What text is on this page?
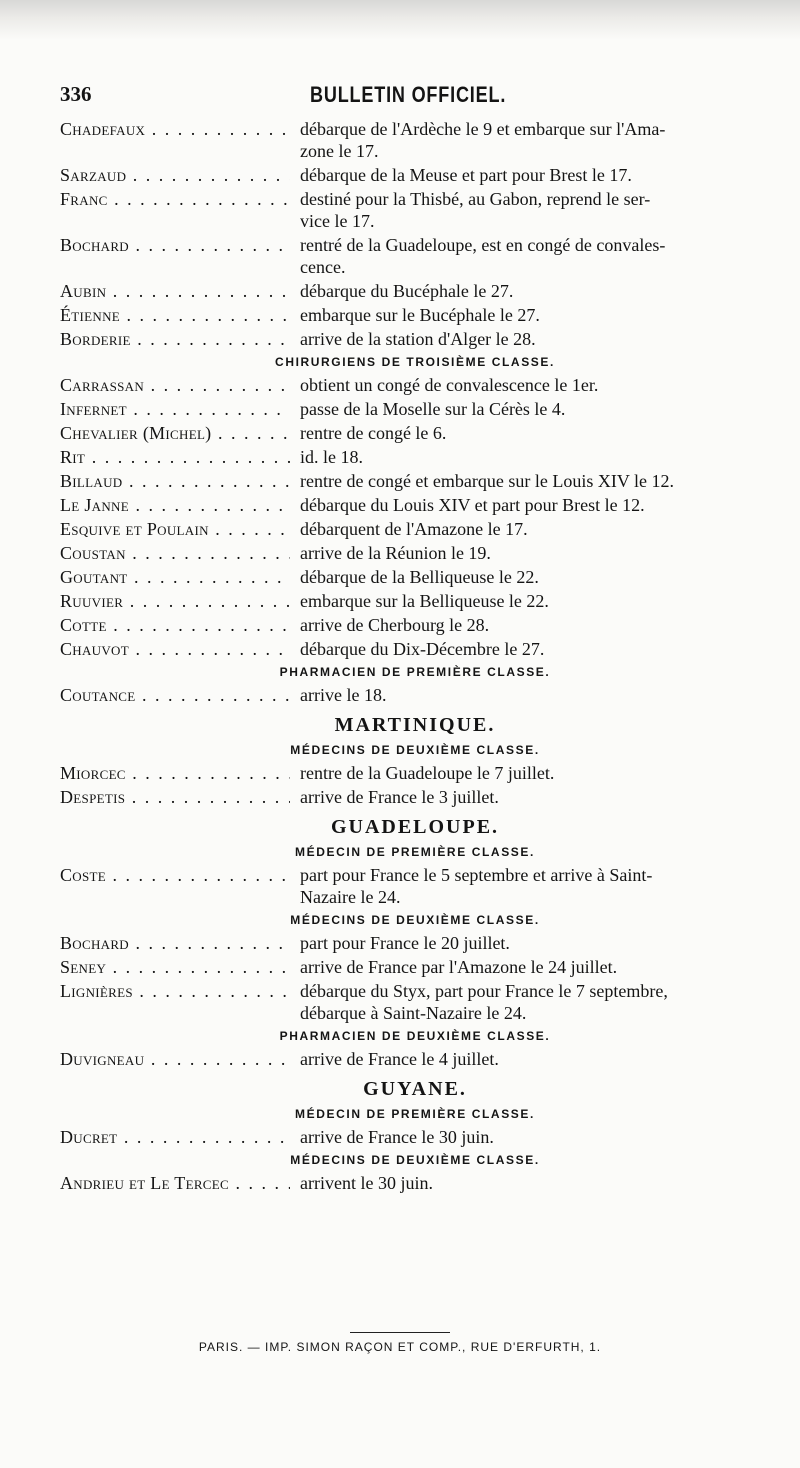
336	BULLETIN OFFICIEL.
Chadefaux . . .	débarque de l'Ardèche le 9 et embarque sur l'Ama-
zone le 17.
Sarzaud . . .	débarque de la Meuse et part pour Brest le 17.
Franc . . .	destiné pour la Thisbé, au Gabon, reprend le ser-
vice le 17.
Bochard . . .	rentré de la Guadeloupe, est en congé de convales-
cence.
Aubin . . .	débarque du Bucéphale le 27.
Étienne . . .	embarque sur le Bucéphale le 27.
Borderie . . .	arrive de la station d'Alger le 28.
CHIRURGIENS DE TROISIÈME CLASSE.
Carrassan . . .	obtient un congé de convalescence le 1er.
Infernet . . .	passe de la Moselle sur la Cérès le 4.
Chevalier (Michel) . . .	rentre de congé le 6.
Rit . . .	id. le 18.
Billaud . . .	rentre de congé et embarque sur le Louis XIV le 12.
Le Janne . . .	débarque du Louis XIV et part pour Brest le 12.
Esquive et Poulain . . .	débarquent de l'Amazone le 17.
Coustan . . .	arrive de la Réunion le 19.
Goutant . . .	débarque de la Belliqueuse le 22.
Ruuvier . . .	embarque sur la Belliqueuse le 22.
Cotte . . .	arrive de Cherbourg le 28.
Chauvot . . .	débarque du Dix-Décembre le 27.
PHARMACIEN DE PREMIÈRE CLASSE.
Coutance . . .	arrive le 18.
MARTINIQUE.
MÉDECINS DE DEUXIÈME CLASSE.
Miorcec . . .	rentre de la Guadeloupe le 7 juillet.
Despetis . . .	arrive de France le 3 juillet.
GUADELOUPE.
MÉDECIN DE PREMIÈRE CLASSE.
Coste . . .	part pour France le 5 septembre et arrive à Saint-
Nazaire le 24.
MÉDECINS DE DEUXIÈME CLASSE.
Bochard . . .	part pour France le 20 juillet.
Seney . . .	arrive de France par l'Amazone le 24 juillet.
Lignières . . .	débarque du Styx, part pour France le 7 septembre,
débarque à Saint-Nazaire le 24.
PHARMACIEN DE DEUXIÈME CLASSE.
Duvigneau . . .	arrive de France le 4 juillet.
GUYANE.
MÉDECIN DE PREMIÈRE CLASSE.
Ducret . . .	arrive de France le 30 juin.
MÉDECINS DE DEUXIÈME CLASSE.
Andrieu et Le Tercec . . .	arrivent le 30 juin.
PARIS. — IMP. SIMON RAÇON ET COMP., RUE D'ERFURTH, 1.
